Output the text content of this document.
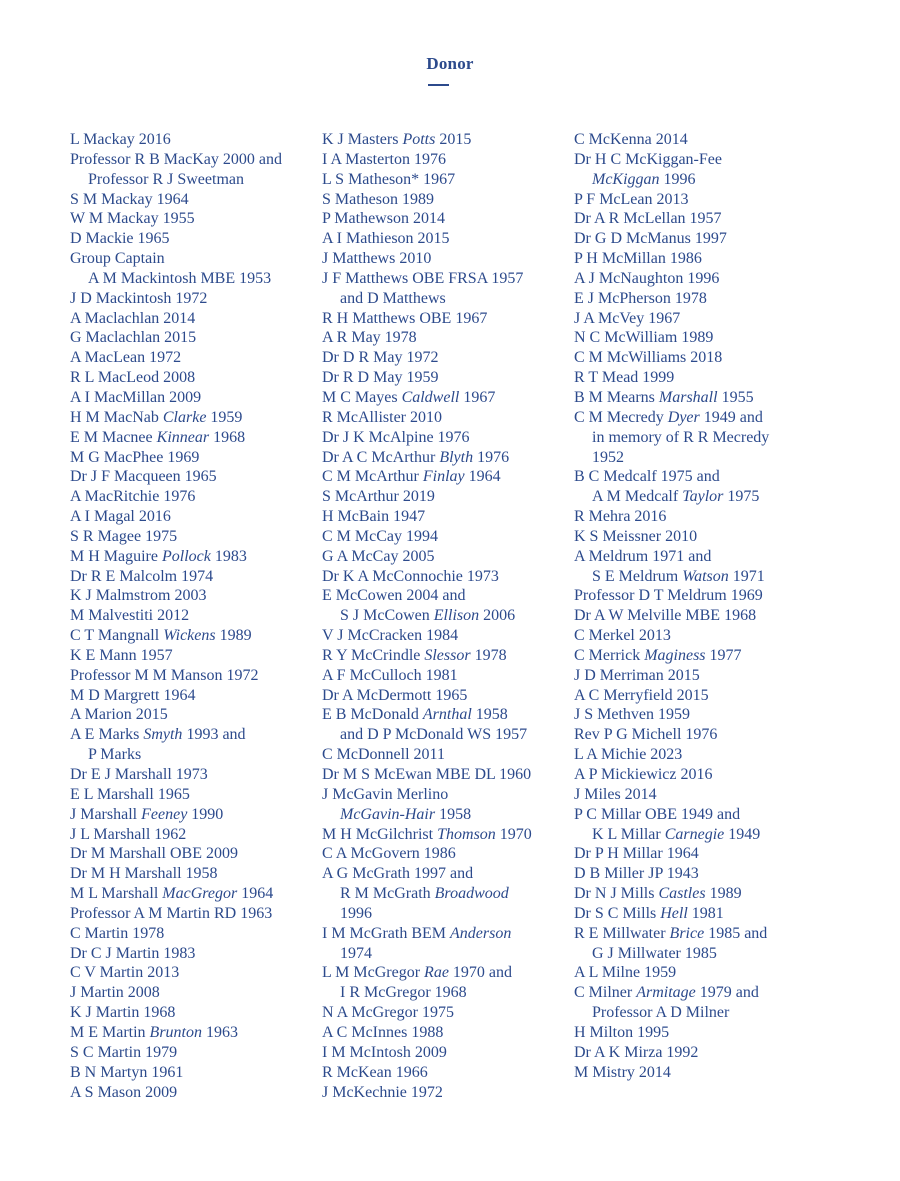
Donor
L Mackay 2016
Professor R B MacKay 2000 and
Professor R J Sweetman
S M Mackay 1964
W M Mackay 1955
D Mackie 1965
Group Captain
A M Mackintosh MBE 1953
J D Mackintosh 1972
A Maclachlan 2014
G Maclachlan 2015
A MacLean 1972
R L MacLeod 2008
A I MacMillan 2009
H M MacNab Clarke 1959
E M Macnee Kinnear 1968
M G MacPhee 1969
Dr J F Macqueen 1965
A MacRitchie 1976
A I Magal 2016
S R Magee 1975
M H Maguire Pollock 1983
Dr R E Malcolm 1974
K J Malmstrom 2003
M Malvestiti 2012
C T Mangnall Wickens 1989
K E Mann 1957
Professor M M Manson 1972
M D Margrett 1964
A Marion 2015
A E Marks Smyth 1993 and
P Marks
Dr E J Marshall 1973
E L Marshall 1965
J Marshall Feeney 1990
J L Marshall 1962
Dr M Marshall OBE 2009
Dr M H Marshall 1958
M L Marshall MacGregor 1964
Professor A M Martin RD 1963
C Martin 1978
Dr C J Martin 1983
C V Martin 2013
J Martin 2008
K J Martin 1968
M E Martin Brunton 1963
S C Martin 1979
B N Martyn 1961
A S Mason 2009
K J Masters Potts 2015
I A Masterton 1976
L S Matheson* 1967
S Matheson 1989
P Mathewson 2014
A I Mathieson 2015
J Matthews 2010
J F Matthews OBE FRSA 1957
and D Matthews
R H Matthews OBE 1967
A R May 1978
Dr D R May 1972
Dr R D May 1959
M C Mayes Caldwell 1967
R McAllister 2010
Dr J K McAlpine 1976
Dr A C McArthur Blyth 1976
C M McArthur Finlay 1964
S McArthur 2019
H McBain 1947
C M McCay 1994
G A McCay 2005
Dr K A McConnochie 1973
E McCowen 2004 and
S J McCowen Ellison 2006
V J McCracken 1984
R Y McCrindle Slessor 1978
A F McCulloch 1981
Dr A McDermott 1965
E B McDonald Arnthal 1958
and D P McDonald WS 1957
C McDonnell 2011
Dr M S McEwan MBE DL 1960
J McGavin Merlino
McGavin-Hair 1958
M H McGilchrist Thomson 1970
C A McGovern 1986
A G McGrath 1997 and
R M McGrath Broadwood
1996
I M McGrath BEM Anderson
1974
L M McGregor Rae 1970 and
I R McGregor 1968
N A McGregor 1975
A C McInnes 1988
I M McIntosh 2009
R McKean 1966
J McKechnie 1972
C McKenna 2014
Dr H C McKiggan-Fee
McKiggan 1996
P F McLean 2013
Dr A R McLellan 1957
Dr G D McManus 1997
P H McMillan 1986
A J McNaughton 1996
E J McPherson 1978
J A McVey 1967
N C McWilliam 1989
C M McWilliams 2018
R T Mead 1999
B M Mearns Marshall 1955
C M Mecredy Dyer 1949 and
in memory of R R Mecredy
1952
B C Medcalf 1975 and
A M Medcalf Taylor 1975
R Mehra 2016
K S Meissner 2010
A Meldrum 1971 and
S E Meldrum Watson 1971
Professor D T Meldrum 1969
Dr A W Melville MBE 1968
C Merkel 2013
C Merrick Maginess 1977
J D Merriman 2015
A C Merryfield 2015
J S Methven 1959
Rev P G Michell 1976
L A Michie 2023
A P Mickiewicz 2016
J Miles 2014
P C Millar OBE 1949 and
K L Millar Carnegie 1949
Dr P H Millar 1964
D B Miller JP 1943
Dr N J Mills Castles 1989
Dr S C Mills Hell 1981
R E Millwater Brice 1985 and
G J Millwater 1985
A L Milne 1959
C Milner Armitage 1979 and
Professor A D Milner
H Milton 1995
Dr A K Mirza 1992
M Mistry 2014
